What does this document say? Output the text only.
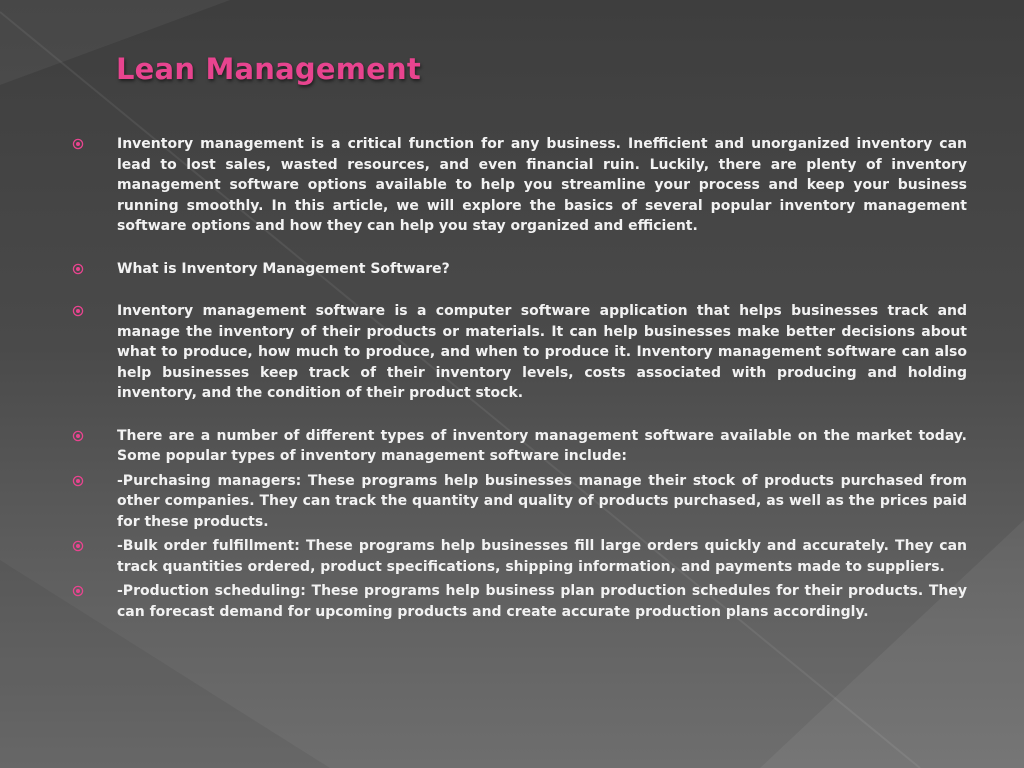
Lean Management
Inventory management is a critical function for any business. Inefficient and unorganized inventory can lead to lost sales, wasted resources, and even financial ruin. Luckily, there are plenty of inventory management software options available to help you streamline your process and keep your business running smoothly. In this article, we will explore the basics of several popular inventory management software options and how they can help you stay organized and efficient.
What is Inventory Management Software?
Inventory management software is a computer software application that helps businesses track and manage the inventory of their products or materials. It can help businesses make better decisions about what to produce, how much to produce, and when to produce it. Inventory management software can also help businesses keep track of their inventory levels, costs associated with producing and holding inventory, and the condition of their product stock.
There are a number of different types of inventory management software available on the market today. Some popular types of inventory management software include:
-Purchasing managers: These programs help businesses manage their stock of products purchased from other companies. They can track the quantity and quality of products purchased, as well as the prices paid for these products.
-Bulk order fulfillment: These programs help businesses fill large orders quickly and accurately. They can track quantities ordered, product specifications, shipping information, and payments made to suppliers.
-Production scheduling: These programs help business plan production schedules for their products. They can forecast demand for upcoming products and create accurate production plans accordingly.
